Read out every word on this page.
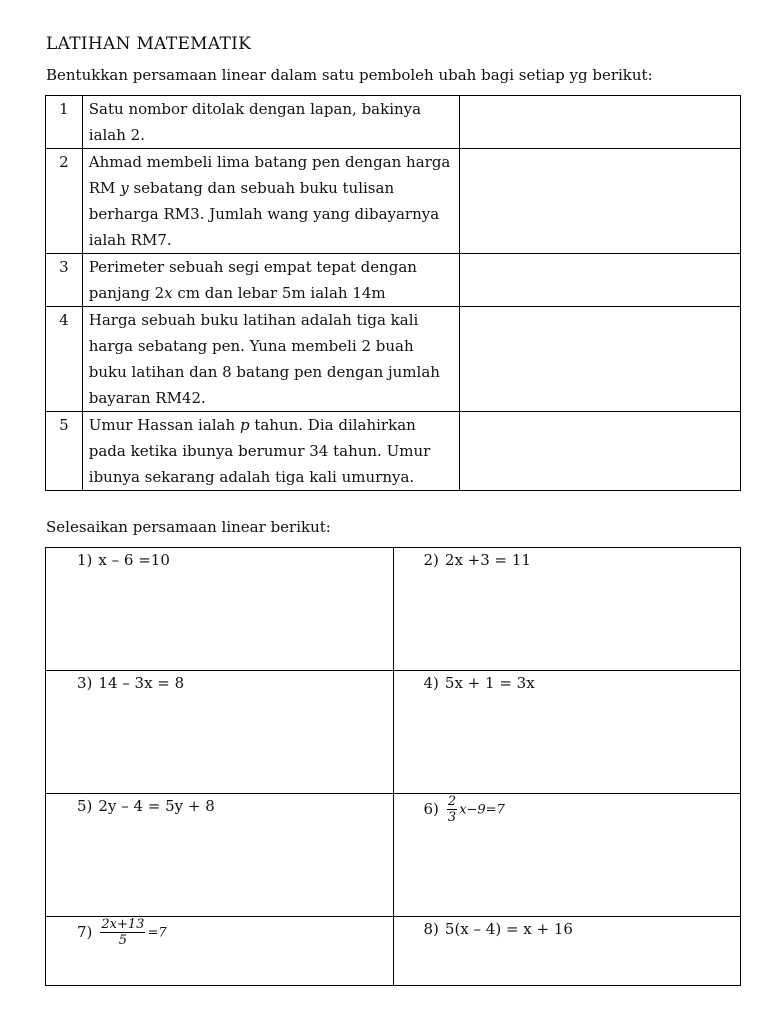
LATIHAN MATEMATIK
Bentukkan persamaan linear dalam satu pemboleh ubah bagi setiap yg berikut:
1	Satu nombor ditolak dengan lapan, bakinya ialah 2.	
2	Ahmad membeli lima batang pen dengan harga RM y sebatang dan sebuah buku tulisan berharga RM3. Jumlah wang yang dibayarnya ialah RM7.	
3	Perimeter sebuah segi empat tepat dengan panjang 2x cm dan lebar 5m ialah 14m	
4	Harga sebuah buku latihan adalah tiga kali harga sebatang pen. Yuna membeli 2 buah buku latihan dan 8 batang pen dengan jumlah bayaran RM42.	
5	Umur Hassan ialah p tahun. Dia dilahirkan pada ketika ibunya berumur 34 tahun. Umur ibunya sekarang adalah tiga kali umurnya.	
Selesaikan persamaan linear berikut:
1) x – 6 =10	2) 2x +3 = 11

3) 14 – 3x = 8	4) 5x + 1 = 3x

5) 2y – 4 = 5y + 8	$6) \frac{2}{3} x-9=7$

$7) \frac{2x+13}{5} =7$	8) 5(x – 4) = x + 16
